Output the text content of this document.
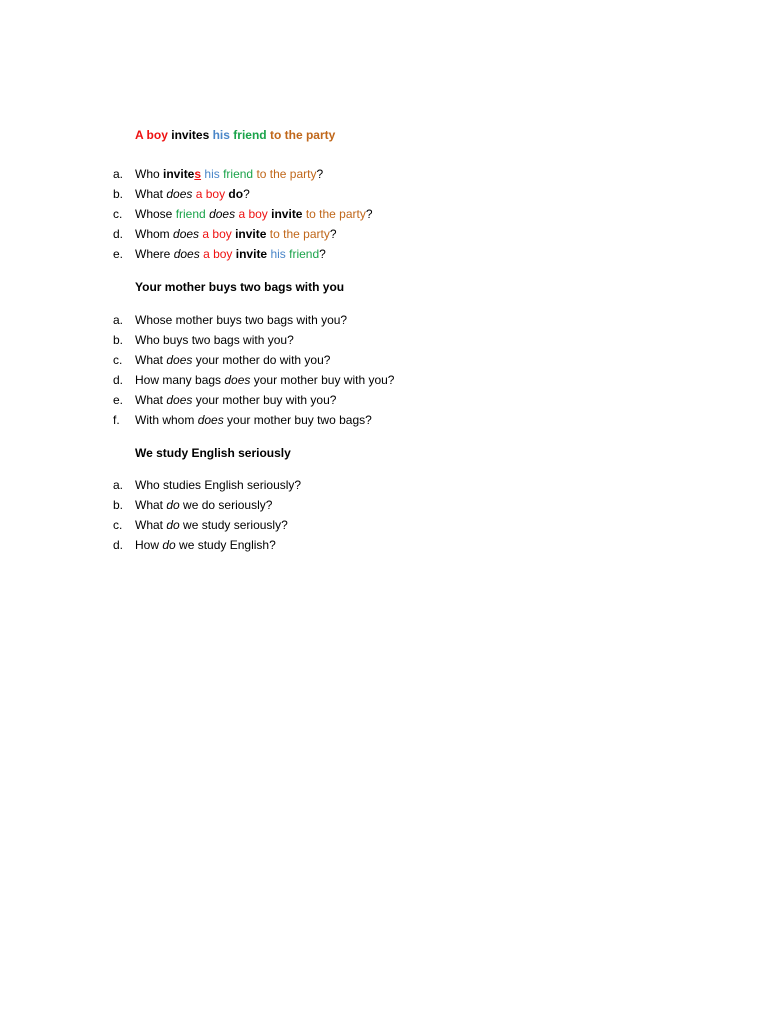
A boy invites his friend to the party
a. Who invites his friend to the party?
b. What does a boy do?
c. Whose friend does a boy invite to the party?
d. Whom does a boy invite to the party?
e. Where does a boy invite his friend?
Your mother buys two bags with you
a. Whose mother buys two bags with you?
b. Who buys two bags with you?
c. What does your mother do with you?
d. How many bags does your mother buy with you?
e. What does your mother buy with you?
f. With whom does your mother buy two bags?
We study English seriously
a. Who studies English seriously?
b. What do we do seriously?
c. What do we study seriously?
d. How do we study English?
